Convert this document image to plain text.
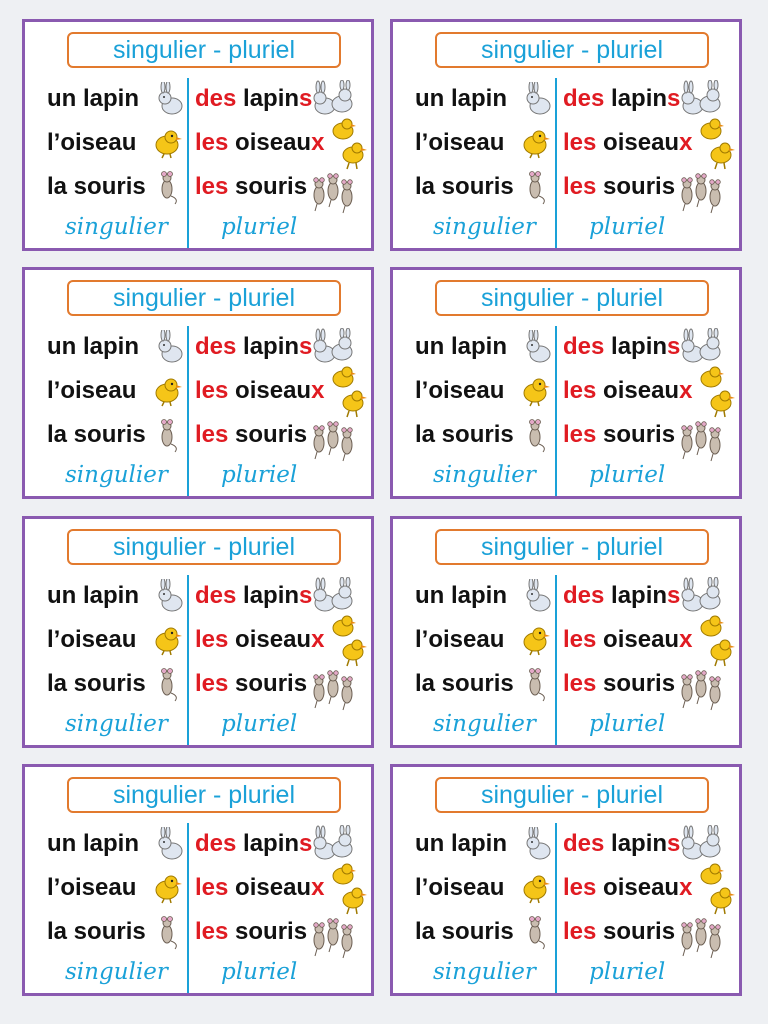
singulier - pluriel
un lapin des lapins
l’oiseau les oiseaux
la souris les souris
singulier pluriel
singulier - pluriel
un lapin des lapins
l’oiseau les oiseaux
la souris les souris
singulier pluriel
singulier - pluriel
un lapin des lapins
l’oiseau les oiseaux
la souris les souris
singulier pluriel
singulier - pluriel
un lapin des lapins
l’oiseau les oiseaux
la souris les souris
singulier pluriel
singulier - pluriel
un lapin des lapins
l’oiseau les oiseaux
la souris les souris
singulier pluriel
singulier - pluriel
un lapin des lapins
l’oiseau les oiseaux
la souris les souris
singulier pluriel
singulier - pluriel
un lapin des lapins
l’oiseau les oiseaux
la souris les souris
singulier pluriel
singulier - pluriel
un lapin des lapins
l’oiseau les oiseaux
la souris les souris
singulier pluriel
